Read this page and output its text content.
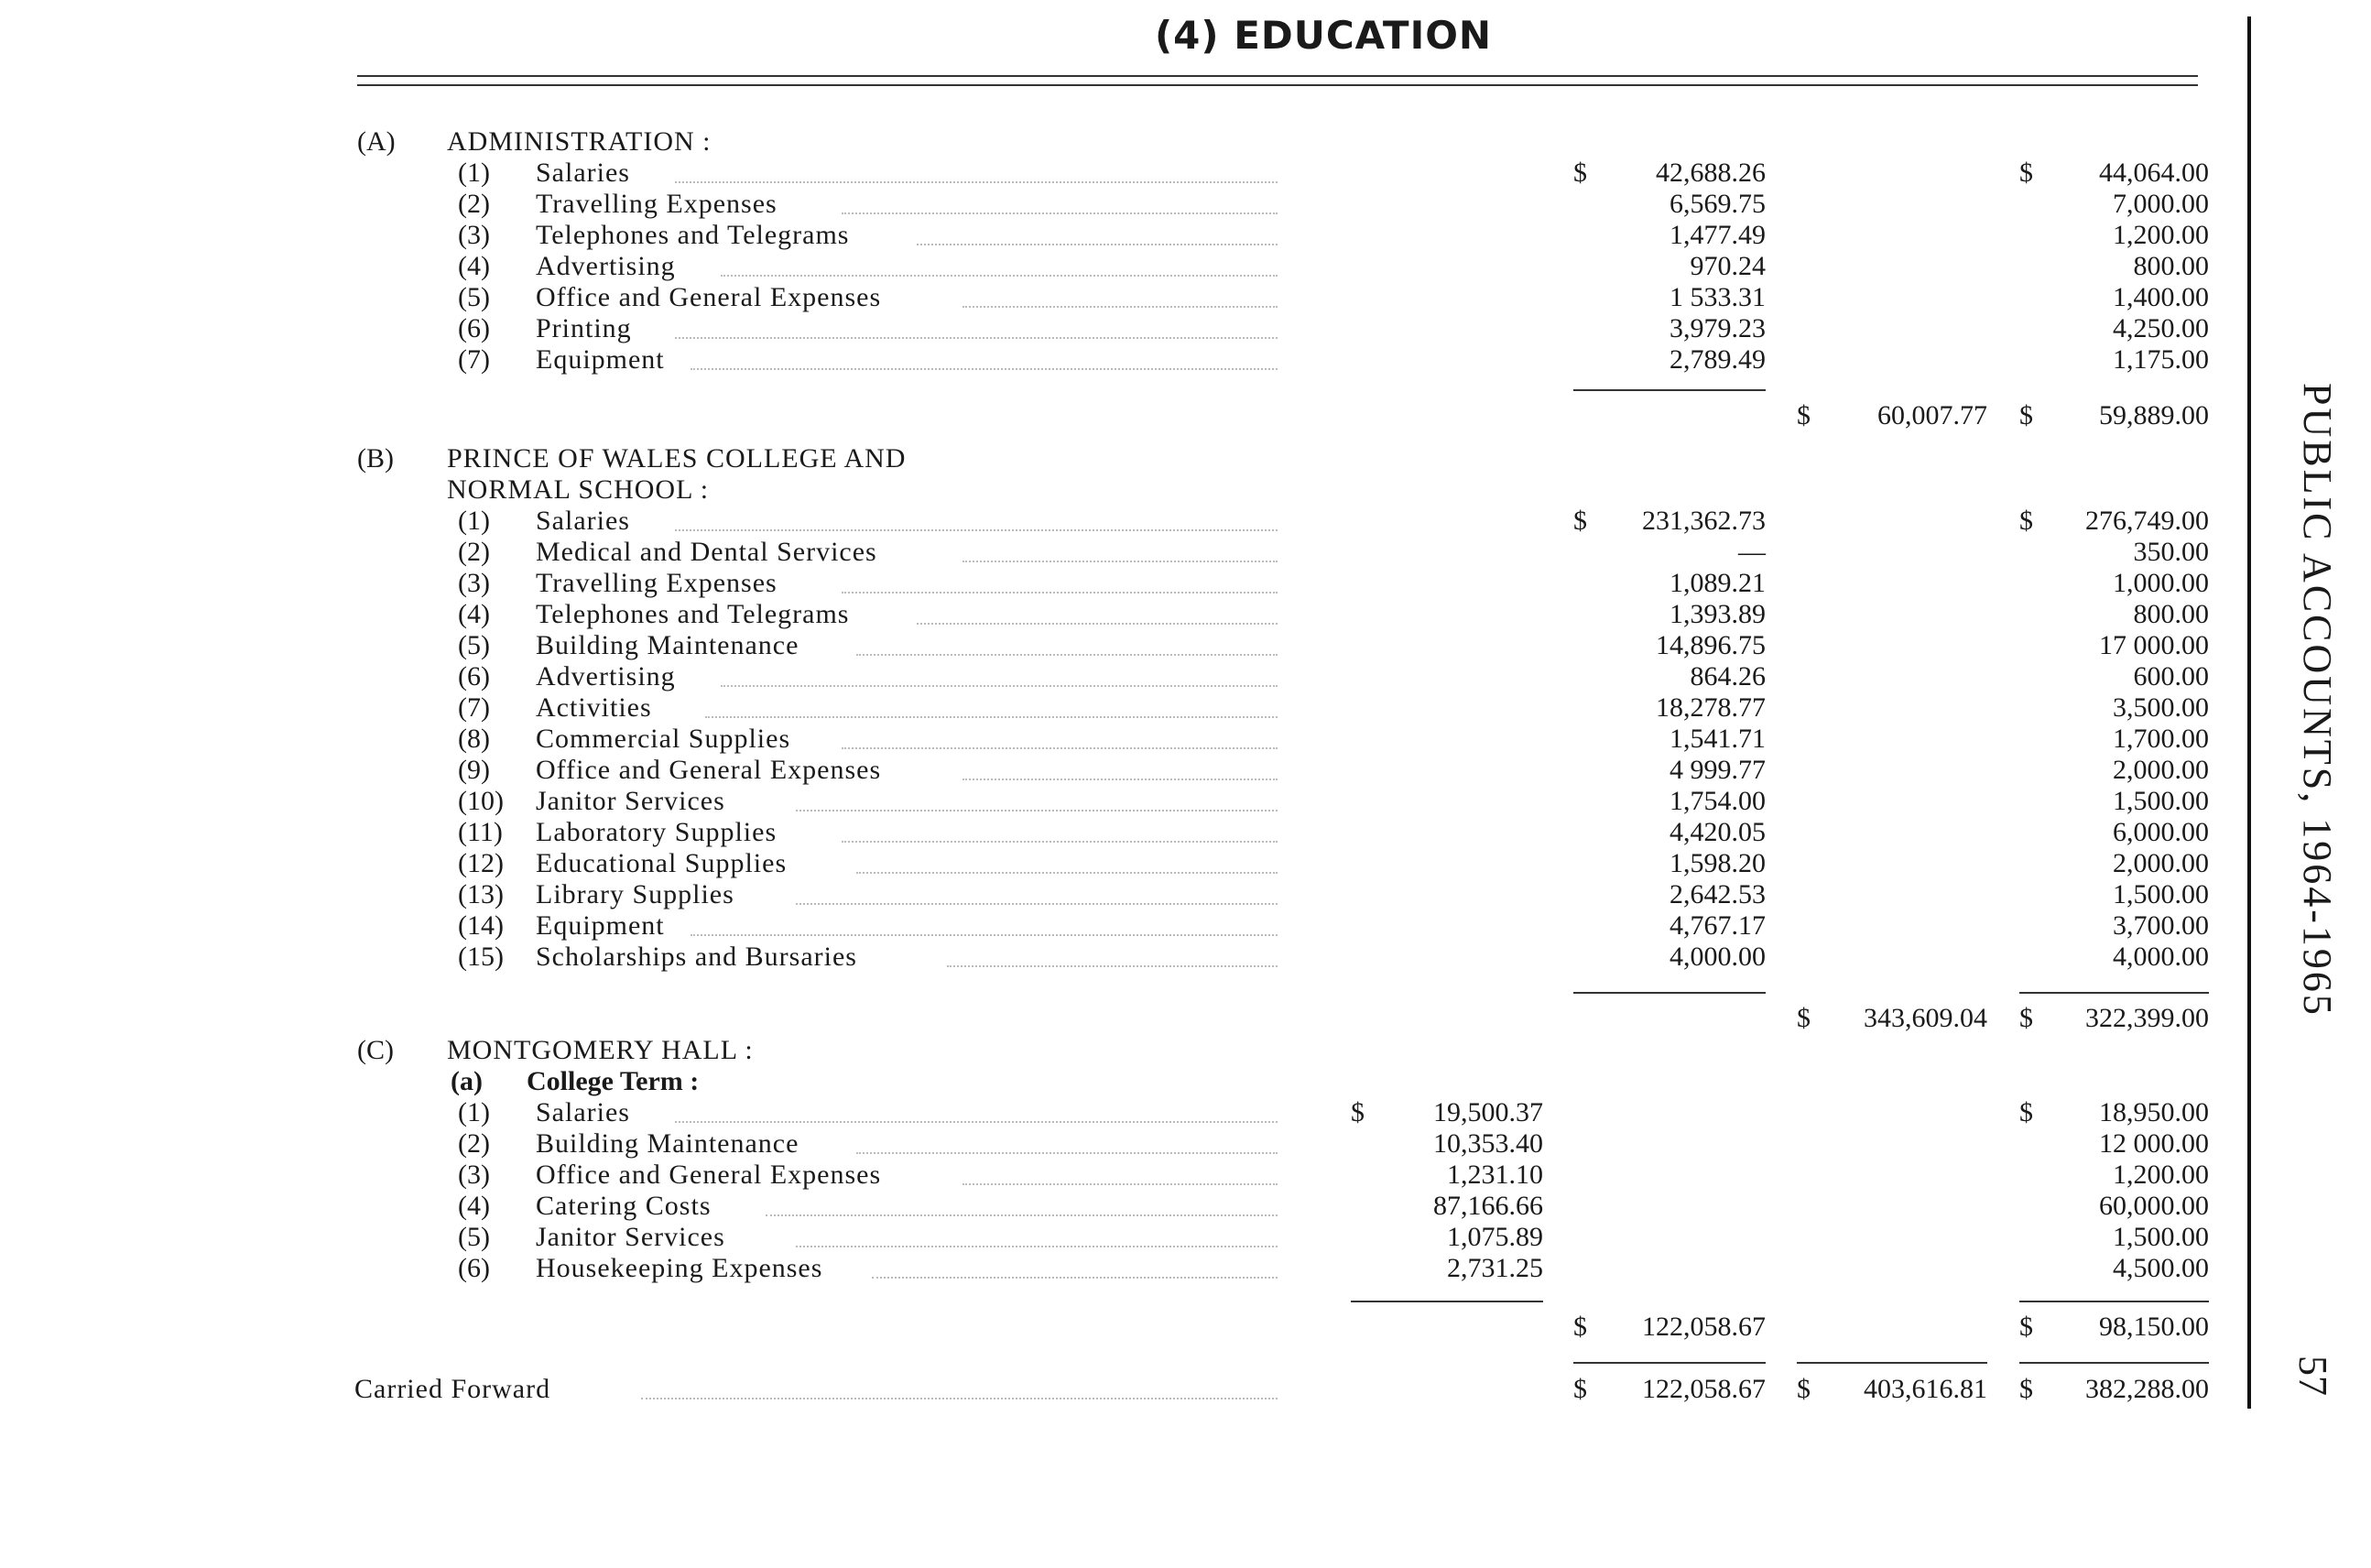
(4) EDUCATION
PUBLIC ACCOUNTS, 1964-1965
57
(A) ADMINISTRATION :
(1) Salaries	$	42,688.26	$	44,064.00
(2) Travelling Expenses	6,569.75	7,000.00
(3) Telephones and Telegrams	1,477.49	1,200.00
(4) Advertising	970.24	800.00
(5) Office and General Expenses	1 533.31	1,400.00
(6) Printing	3,979.23	4,250.00
(7) Equipment	2,789.49	1,175.00
$	60,007.77 $	59,889.00
(B) PRINCE OF WALES COLLEGE AND
NORMAL SCHOOL :
(1) Salaries	$	231,362.73	$	276,749.00
(2) Medical and Dental Services	—	350.00
(3) Travelling Expenses	1,089.21	1,000.00
(4) Telephones and Telegrams	1,393.89	800.00
(5) Building Maintenance	14,896.75	17 000.00
(6) Advertising	864.26	600.00
(7) Activities	18,278.77	3,500.00
(8) Commercial Supplies	1,541.71	1,700.00
(9) Office and General Expenses	4 999.77	2,000.00
(10) Janitor Services	1,754.00	1,500.00
(11) Laboratory Supplies	4,420.05	6,000.00
(12) Educational Supplies	1,598.20	2,000.00
(13) Library Supplies	2,642.53	1,500.00
(14) Equipment	4,767.17	3,700.00
(15) Scholarships and Bursaries	4,000.00	4,000.00
$	343,609.04 $	322,399.00
(C) MONTGOMERY HALL :
(a) College Term :
(1) Salaries	$	19,500.37	$	18,950.00
(2) Building Maintenance	10,353.40	12 000.00
(3) Office and General Expenses	1,231.10	1,200.00
(4) Catering Costs	87,166.66	60,000.00
(5) Janitor Services	1,075.89	1,500.00
(6) Housekeeping Expenses	2,731.25	4,500.00
$	122,058.67	$	98,150.00
Carried Forward	$	122,058.67 $	403,616.81 $	382,288.00
